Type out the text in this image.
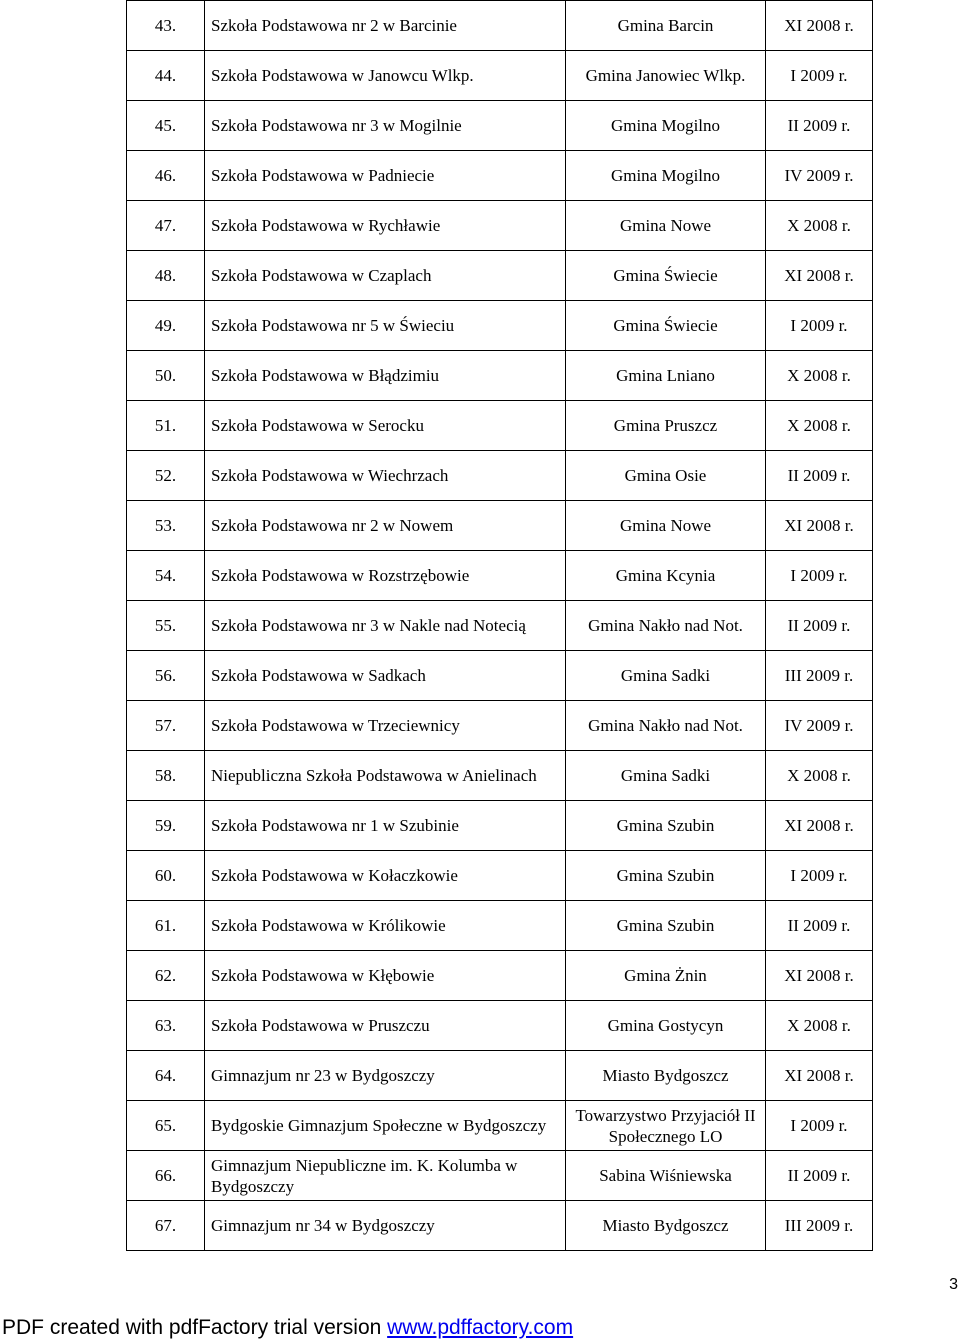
43.	Szkoła Podstawowa nr 2 w Barcinie	Gmina Barcin	XI 2008 r.
44.	Szkoła Podstawowa w Janowcu Wlkp.	Gmina Janowiec Wlkp.	I 2009 r.
45.	Szkoła Podstawowa nr 3 w Mogilnie	Gmina Mogilno	II 2009 r.
46.	Szkoła Podstawowa w Padniecie	Gmina Mogilno	IV 2009 r.
47.	Szkoła Podstawowa w Rychławie	Gmina Nowe	X 2008 r.
48.	Szkoła Podstawowa w Czaplach	Gmina Świecie	XI 2008 r.
49.	Szkoła Podstawowa nr 5 w Świeciu	Gmina Świecie	I 2009 r.
50.	Szkoła Podstawowa w Błądzimiu	Gmina Lniano	X 2008 r.
51.	Szkoła Podstawowa w Serocku	Gmina Pruszcz	X 2008 r.
52.	Szkoła Podstawowa w Wiechrzach	Gmina Osie	II 2009 r.
53.	Szkoła Podstawowa nr 2 w Nowem	Gmina Nowe	XI 2008 r.
54.	Szkoła Podstawowa w Rozstrzębowie	Gmina Kcynia	I 2009 r.
55.	Szkoła Podstawowa nr 3 w Nakle nad Notecią	Gmina Nakło nad Not.	II 2009 r.
56.	Szkoła Podstawowa w Sadkach	Gmina Sadki	III 2009 r.
57.	Szkoła Podstawowa w Trzeciewnicy	Gmina Nakło nad Not.	IV 2009 r.
58.	Niepubliczna Szkoła Podstawowa w Anielinach	Gmina Sadki	X 2008 r.
59.	Szkoła Podstawowa nr 1 w Szubinie	Gmina Szubin	XI 2008 r.
60.	Szkoła Podstawowa w Kołaczkowie	Gmina Szubin	I 2009 r.
61.	Szkoła Podstawowa w Królikowie	Gmina Szubin	II 2009 r.
62.	Szkoła Podstawowa w Kłębowie	Gmina Żnin	XI 2008 r.
63.	Szkoła Podstawowa w Pruszczu	Gmina Gostycyn	X 2008 r.
64.	Gimnazjum nr 23 w Bydgoszczy	Miasto Bydgoszcz	XI 2008 r.
65.	Bydgoskie Gimnazjum Społeczne w Bydgoszczy	Towarzystwo Przyjaciół II Społecznego LO	I 2009 r.
66.	Gimnazjum Niepubliczne im. K. Kolumba w Bydgoszczy	Sabina Wiśniewska	II 2009 r.
67.	Gimnazjum nr 34 w Bydgoszczy	Miasto Bydgoszcz	III 2009 r.
3
PDF created with pdfFactory trial version www.pdffactory.com
